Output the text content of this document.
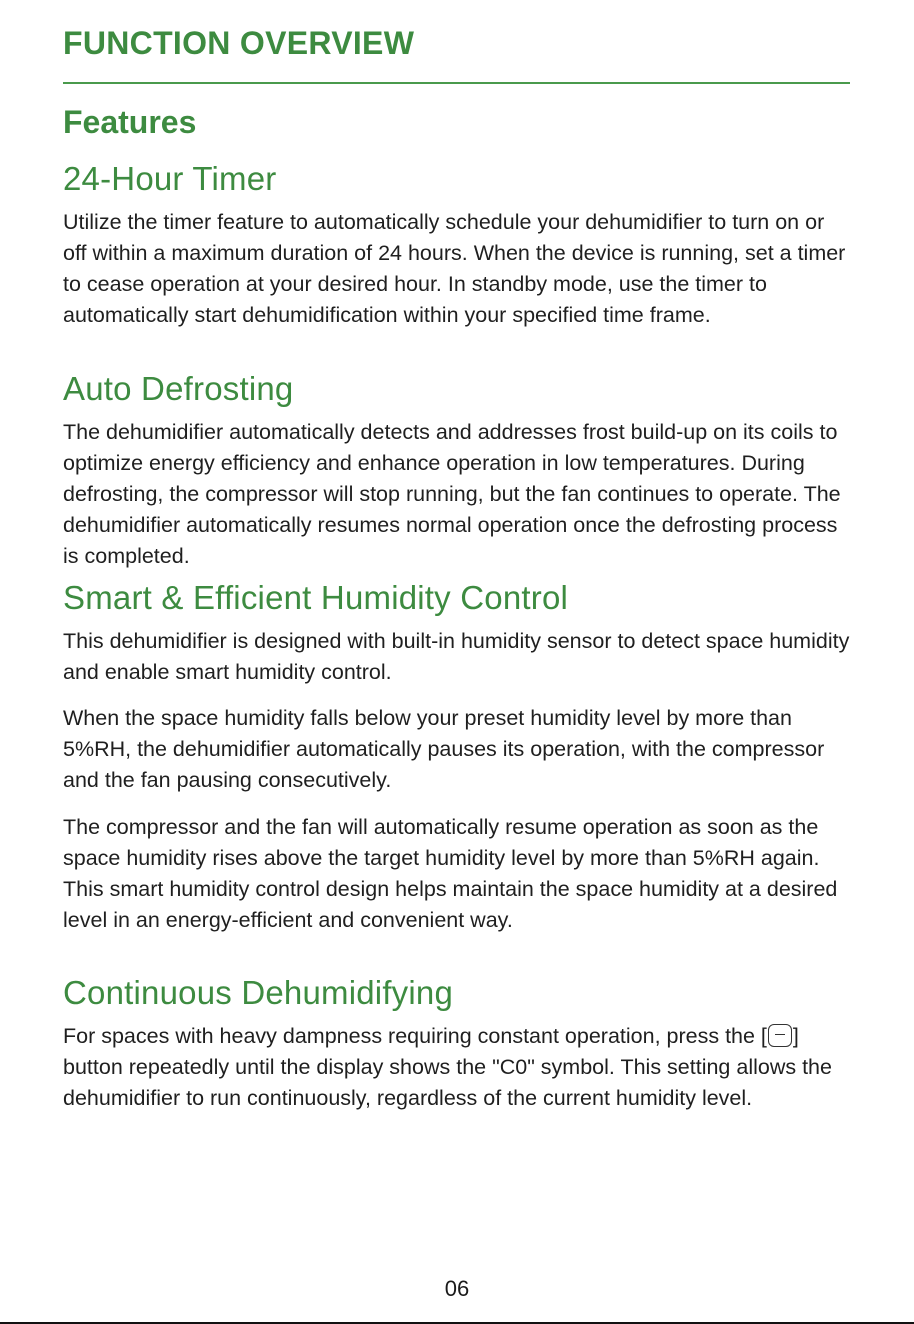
FUNCTION OVERVIEW
Features
24-Hour Timer

Utilize the timer feature to automatically schedule your dehumidifier to turn on or off within a maximum duration of 24 hours. When the device is running, set a timer to cease operation at your desired hour. In standby mode, use the timer to automatically start dehumidification within your specified time frame.

Auto Defrosting

The dehumidifier automatically detects and addresses frost build-up on its coils to optimize energy efficiency and enhance operation in low temperatures. During defrosting, the compressor will stop running, but the fan continues to operate. The dehumidifier automatically resumes normal operation once the defrosting process is completed.

Smart & Efficient Humidity Control

This dehumidifier is designed with built-in humidity sensor to detect space humidity and enable smart humidity control.

When the space humidity falls below your preset humidity level by more than 5%RH, the dehumidifier automatically pauses its operation, with the compressor and the fan pausing consecutively.

The compressor and the fan will automatically resume operation as soon as the space humidity rises above the target humidity level by more than 5%RH again. This smart humidity control design helps maintain the space humidity at a desired level in an energy-efficient and convenient way.

Continuous Dehumidifying

For spaces with heavy dampness requiring constant operation, press the [ ] button repeatedly until the display shows the "C0" symbol. This setting allows the dehumidifier to run continuously, regardless of the current humidity level.

06
